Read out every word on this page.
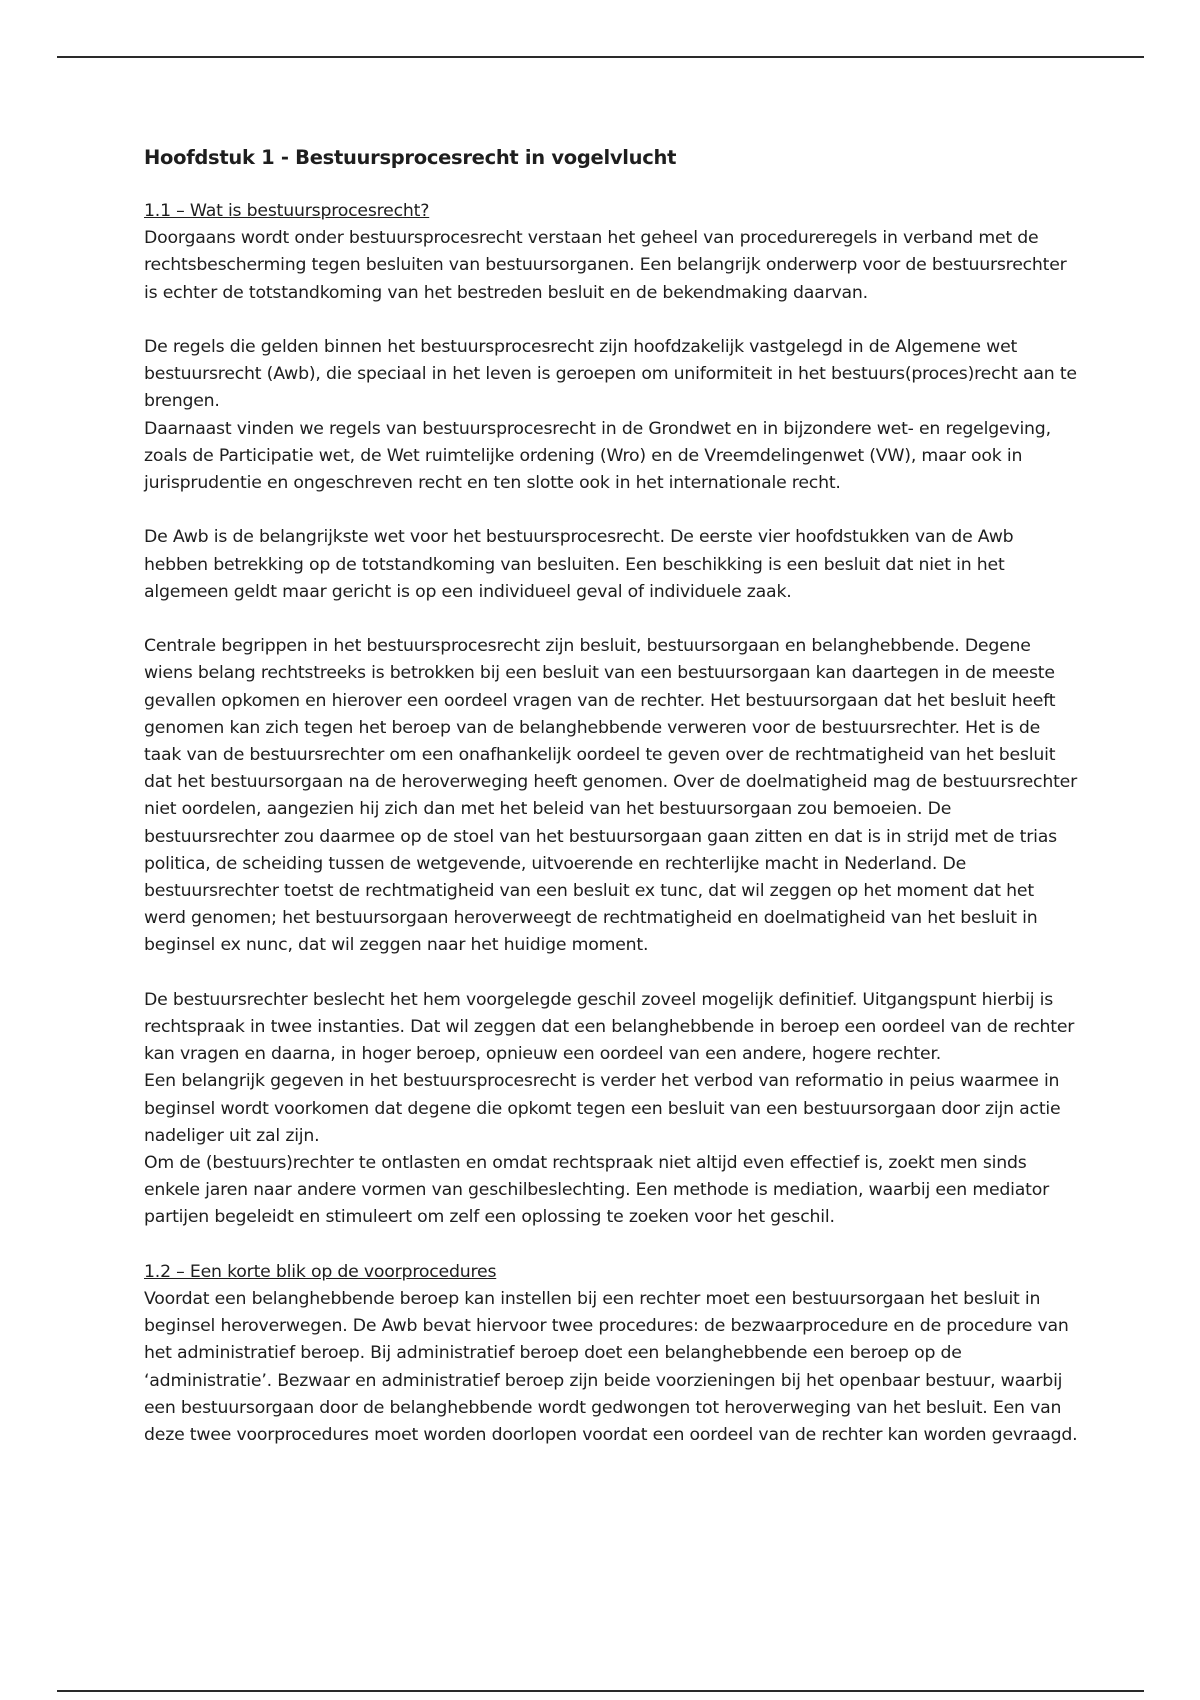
Hoofdstuk 1 - Bestuursprocesrecht in vogelvlucht

1.1 – Wat is bestuursprocesrecht?

Doorgaans wordt onder bestuursprocesrecht verstaan het geheel van procedureregels in verband met de rechtsbescherming tegen besluiten van bestuursorganen. Een belangrijk onderwerp voor de bestuursrechter is echter de totstandkoming van het bestreden besluit en de bekendmaking daarvan.

De regels die gelden binnen het bestuursprocesrecht zijn hoofdzakelijk vastgelegd in de Algemene wet bestuursrecht (Awb), die speciaal in het leven is geroepen om uniformiteit in het bestuurs(proces)recht aan te brengen.

Daarnaast vinden we regels van bestuursprocesrecht in de Grondwet en in bijzondere wet- en regelgeving, zoals de Participatie wet, de Wet ruimtelijke ordening (Wro) en de Vreemdelingenwet (VW), maar ook in jurisprudentie en ongeschreven recht en ten slotte ook in het internationale recht.

De Awb is de belangrijkste wet voor het bestuursprocesrecht. De eerste vier hoofdstukken van de Awb hebben betrekking op de totstandkoming van besluiten. Een beschikking is een besluit dat niet in het algemeen geldt maar gericht is op een individueel geval of individuele zaak.

Centrale begrippen in het bestuursprocesrecht zijn besluit, bestuursorgaan en belanghebbende. Degene wiens belang rechtstreeks is betrokken bij een besluit van een bestuursorgaan kan daartegen in de meeste gevallen opkomen en hierover een oordeel vragen van de rechter. Het bestuursorgaan dat het besluit heeft genomen kan zich tegen het beroep van de belanghebbende verweren voor de bestuursrechter. Het is de taak van de bestuursrechter om een onafhankelijk oordeel te geven over de rechtmatigheid van het besluit dat het bestuursorgaan na de heroverweging heeft genomen. Over de doelmatigheid mag de bestuursrechter niet oordelen, aangezien hij zich dan met het beleid van het bestuursorgaan zou bemoeien. De bestuursrechter zou daarmee op de stoel van het bestuursorgaan gaan zitten en dat is in strijd met de trias politica, de scheiding tussen de wetgevende, uitvoerende en rechterlijke macht in Nederland. De bestuursrechter toetst de rechtmatigheid van een besluit ex tunc, dat wil zeggen op het moment dat het werd genomen; het bestuursorgaan heroverweegt de rechtmatigheid en doelmatigheid van het besluit in beginsel ex nunc, dat wil zeggen naar het huidige moment.

De bestuursrechter beslecht het hem voorgelegde geschil zoveel mogelijk definitief. Uitgangspunt hierbij is rechtspraak in twee instanties. Dat wil zeggen dat een belanghebbende in beroep een oordeel van de rechter kan vragen en daarna, in hoger beroep, opnieuw een oordeel van een andere, hogere rechter.

Een belangrijk gegeven in het bestuursprocesrecht is verder het verbod van reformatio in peius waarmee in beginsel wordt voorkomen dat degene die opkomt tegen een besluit van een bestuursorgaan door zijn actie nadeliger uit zal zijn.

Om de (bestuurs)rechter te ontlasten en omdat rechtspraak niet altijd even effectief is, zoekt men sinds enkele jaren naar andere vormen van geschilbeslechting. Een methode is mediation, waarbij een mediator partijen begeleidt en stimuleert om zelf een oplossing te zoeken voor het geschil.

1.2 – Een korte blik op de voorprocedures

Voordat een belanghebbende beroep kan instellen bij een rechter moet een bestuursorgaan het besluit in beginsel heroverwegen. De Awb bevat hiervoor twee procedures: de bezwaarprocedure en de procedure van het administratief beroep. Bij administratief beroep doet een belanghebbende een beroep op de ‘administratie’. Bezwaar en administratief beroep zijn beide voorzieningen bij het openbaar bestuur, waarbij een bestuursorgaan door de belanghebbende wordt gedwongen tot heroverweging van het besluit. Een van deze twee voorprocedures moet worden doorlopen voordat een oordeel van de rechter kan worden gevraagd.
